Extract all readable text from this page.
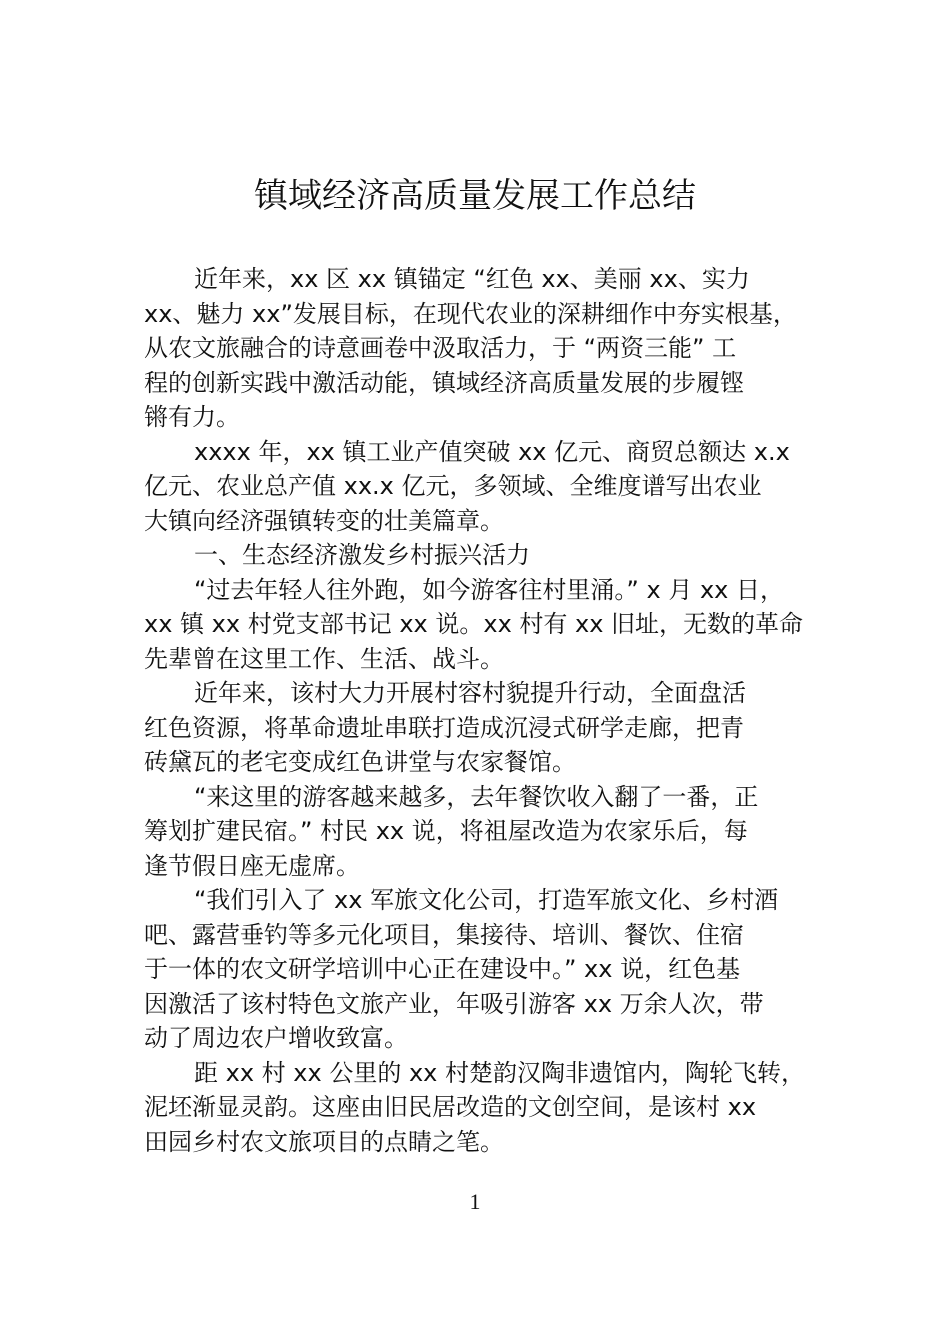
镇域经济高质量发展工作总结
近年来，xx 区 xx 镇锚定 “红色 xx、美丽 xx、实力
xx、魅力 xx”发展目标，在现代农业的深耕细作中夯实根基，
从农文旅融合的诗意画卷中汲取活力，于 “两资三能” 工
程的创新实践中激活动能，镇域经济高质量发展的步履铿
锵有力。
xxxx 年，xx 镇工业产值突破 xx 亿元、商贸总额达 x.x
亿元、农业总产值 xx.x 亿元，多领域、全维度谱写出农业
大镇向经济强镇转变的壮美篇章。
一、生态经济激发乡村振兴活力
“过去年轻人往外跑，如今游客往村里涌。” x 月 xx 日，
xx 镇 xx 村党支部书记 xx 说。xx 村有 xx 旧址，无数的革命
先辈曾在这里工作、生活、战斗。
近年来，该村大力开展村容村貌提升行动，全面盘活
红色资源，将革命遗址串联打造成沉浸式研学走廊，把青
砖黛瓦的老宅变成红色讲堂与农家餐馆。
“来这里的游客越来越多，去年餐饮收入翻了一番，正
筹划扩建民宿。” 村民 xx 说，将祖屋改造为农家乐后，每
逢节假日座无虚席。
“我们引入了 xx 军旅文化公司，打造军旅文化、乡村酒
吧、露营垂钓等多元化项目，集接待、培训、餐饮、住宿
于一体的农文研学培训中心正在建设中。” xx 说，红色基
因激活了该村特色文旅产业，年吸引游客 xx 万余人次，带
动了周边农户增收致富。
距 xx 村 xx 公里的 xx 村楚韵汉陶非遗馆内，陶轮飞转，
泥坯渐显灵韵。这座由旧民居改造的文创空间，是该村 xx
田园乡村农文旅项目的点睛之笔。
1
